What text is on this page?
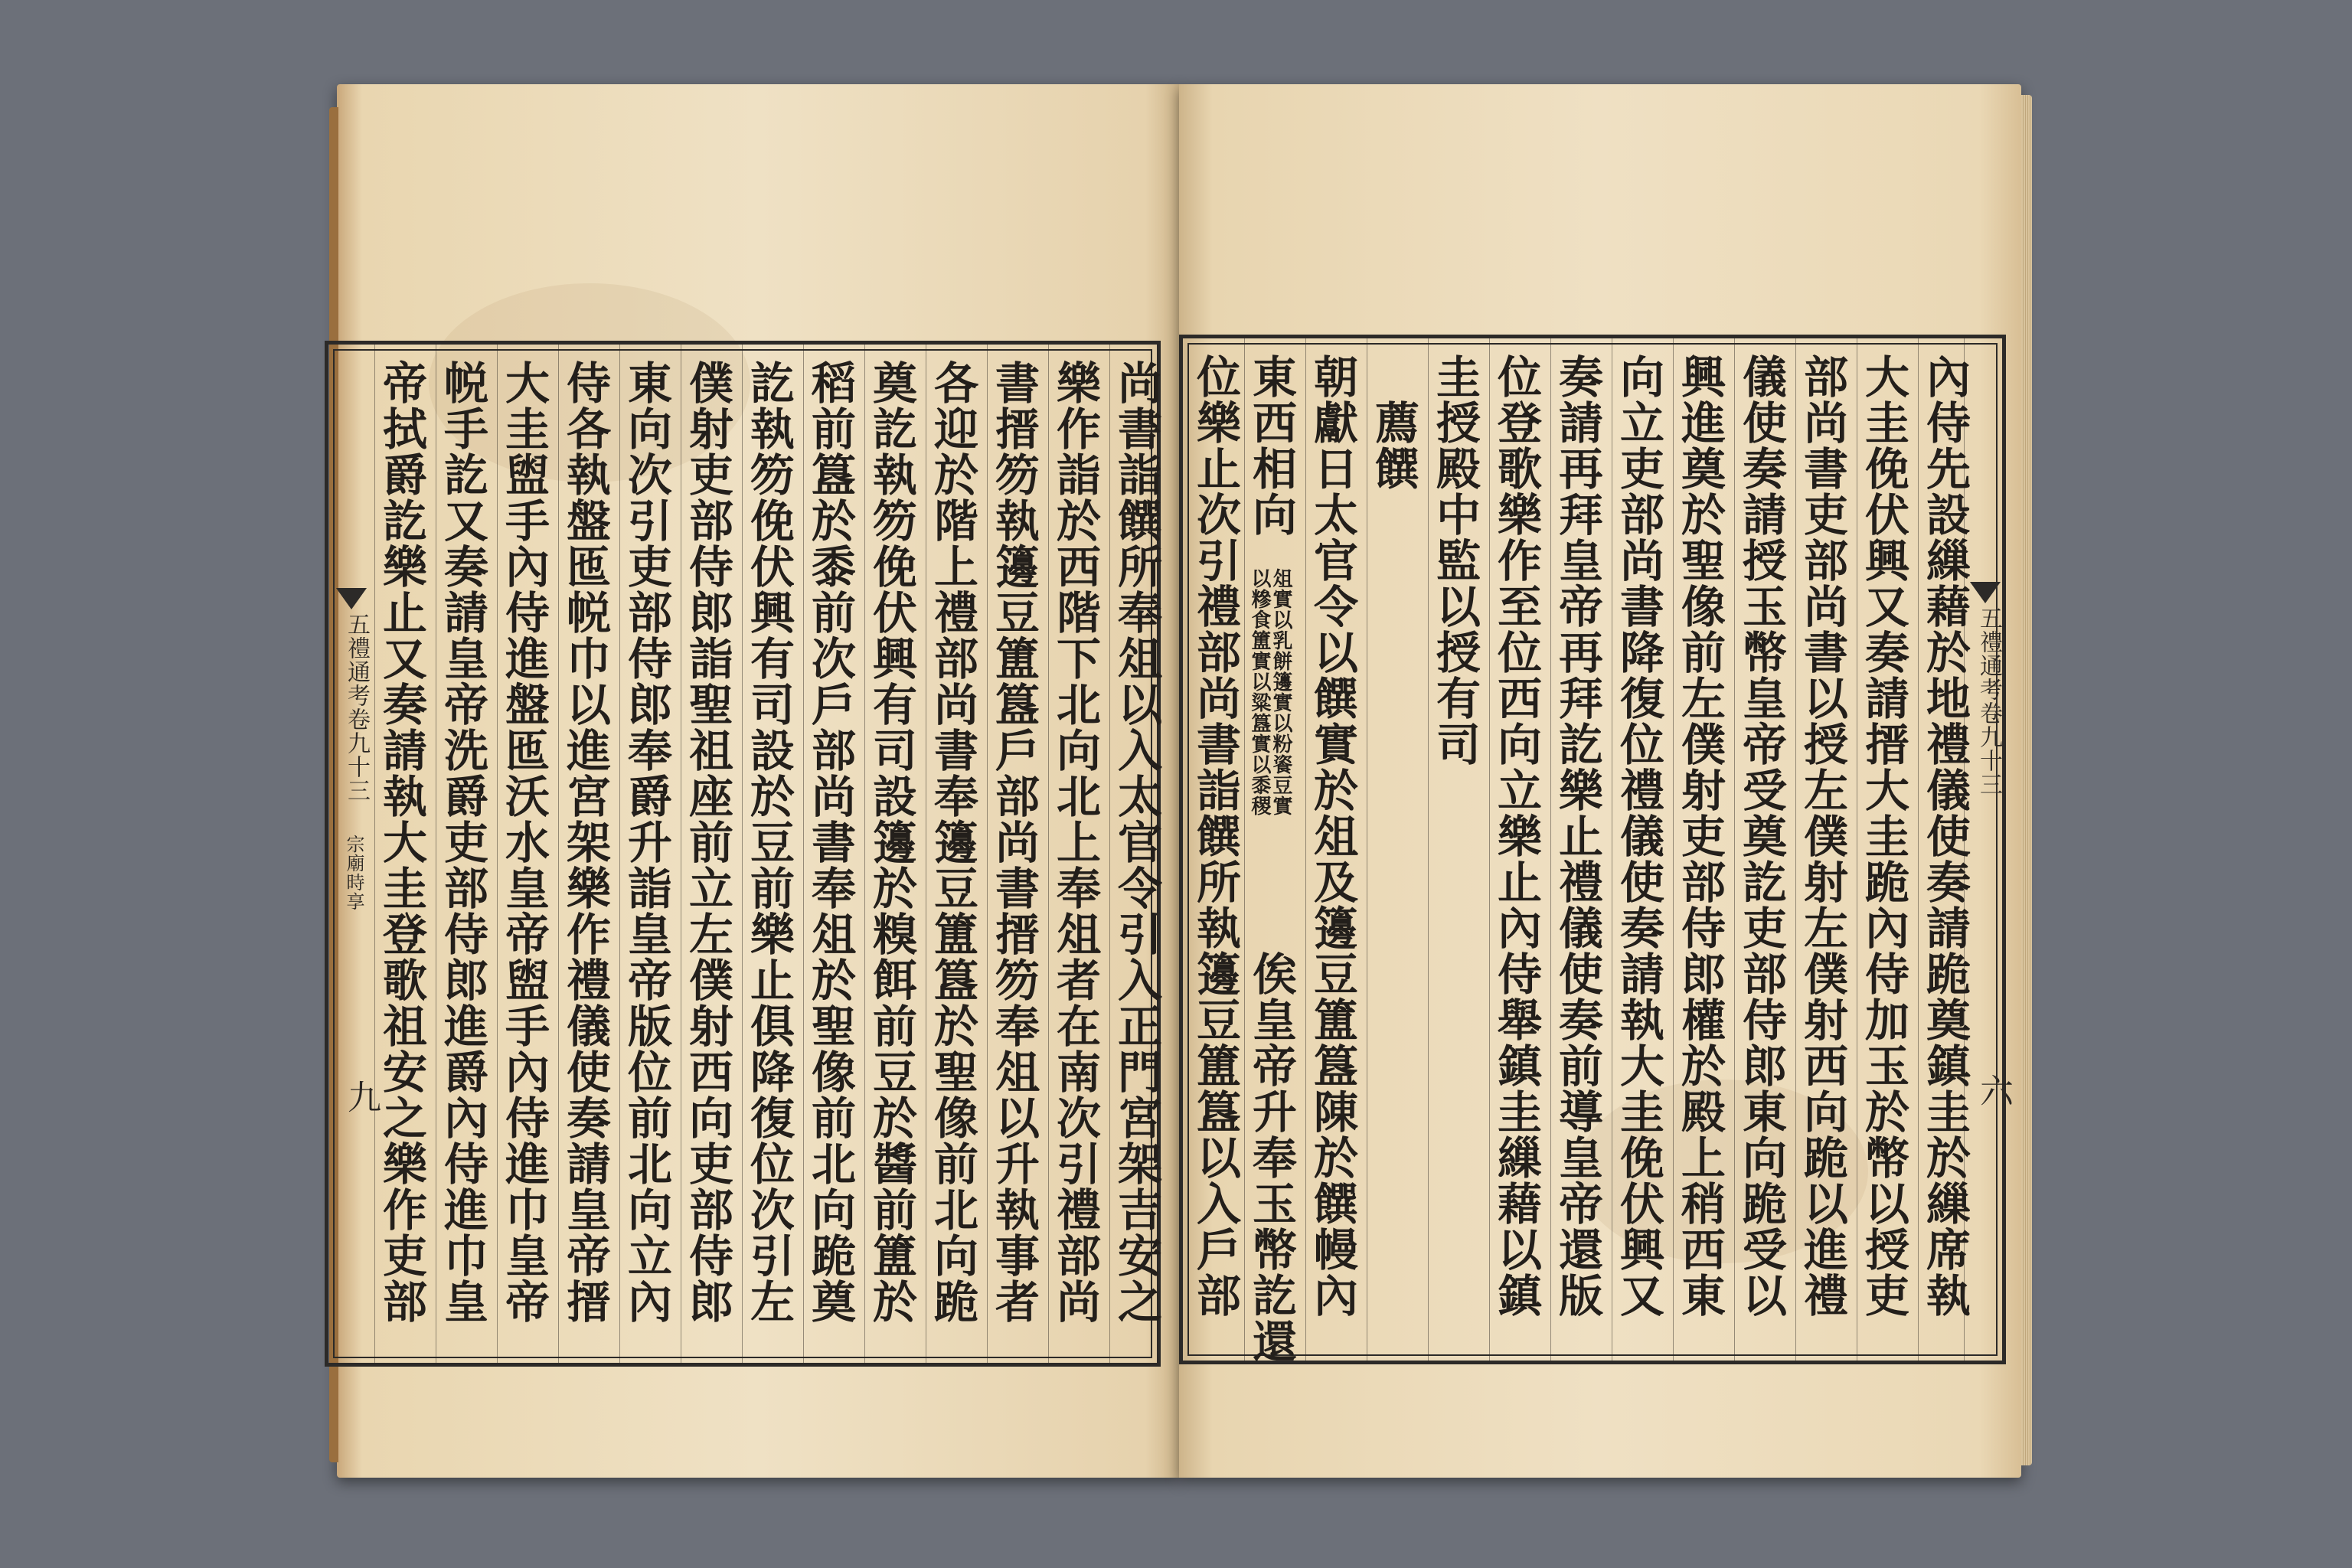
五禮通考卷九十三
宗廟時享
九	尚書詣饌所奉俎以入太官令引入正門宮架吉安之
樂作詣於西階下北向北上奉俎者在南次引禮部尚
書搢笏執籩豆簠簋戶部尚書搢笏奉俎以升執事者
各迎於階上禮部尚書奉籩豆簠簋於聖像前北向跪
奠訖執笏俛伏興有司設籩於糗餌前豆於醬前簠於
稻前簋於黍前次戶部尚書奉俎於聖像前北向跪奠
訖執笏俛伏興有司設於豆前樂止俱降復位次引左
僕射吏部侍郎詣聖祖座前立左僕射西向吏部侍郎
東向次引吏部侍郎奉爵升詣皇帝版位前北向立內
侍各執盤匜帨巾以進宮架樂作禮儀使奏請皇帝搢
大圭盥手內侍進盤匜沃水皇帝盥手內侍進巾皇帝
帨手訖又奏請皇帝洗爵吏部侍郎進爵內侍進巾皇
帝拭爵訖樂止又奏請執大圭登歌祖安之樂作吏部	五禮通考卷九十三
六
內侍先設繅藉於地禮儀使奏請跪奠鎮圭於繅席執
大圭俛伏興又奏請搢大圭跪內侍加玉於幣以授吏
部尚書吏部尚書以授左僕射左僕射西向跪以進禮
儀使奏請授玉幣皇帝受奠訖吏部侍郎東向跪受以
興進奠於聖像前左僕射吏部侍郎權於殿上稍西東
向立吏部尚書降復位禮儀使奏請執大圭俛伏興又
奏請再拜皇帝再拜訖樂止禮儀使奏前導皇帝還版
位登歌樂作至位西向立樂止內侍舉鎮圭繅藉以鎮
圭授殿中監以授有司
薦饌
朝獻日太官令以饌實於俎及籩豆簠簋陳於饌幔內
東西相向
俎實以乳餅籩實以粉餈豆實
以糝食簠實以粱簋實以黍稷
俟皇帝升奉玉幣訖還
位樂止次引禮部尚書詣饌所執籩豆簠簋以入戶部
